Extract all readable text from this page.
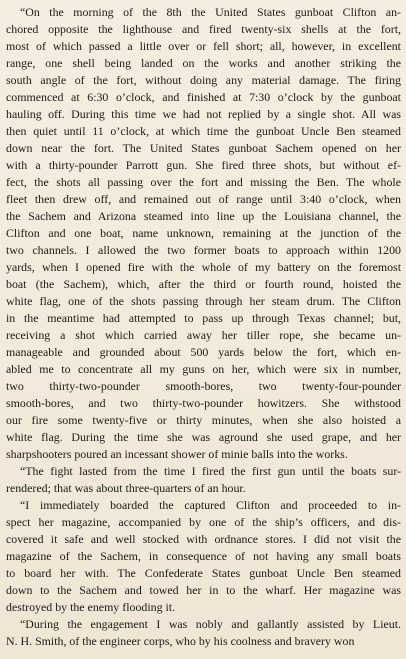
“On the morning of the 8th the United States gunboat Clifton an-
chored opposite the lighthouse and fired twenty-six shells at the fort,
most of which passed a little over or fell short; all, however, in excellent
range, one shell being landed on the works and another striking the
south angle of the fort, without doing any material damage. The firing
commenced at 6:30 o’clock, and finished at 7:30 o’clock by the gunboat
hauling off. During this time we had not replied by a single shot. All was
then quiet until 11 o’clock, at which time the gunboat Uncle Ben steamed
down near the fort. The United States gunboat Sachem opened on her
with a thirty-pounder Parrott gun. She fired three shots, but without ef-
fect, the shots all passing over the fort and missing the Ben. The whole
fleet then drew off, and remained out of range until 3:40 o’clock, when
the Sachem and Arizona steamed into line up the Louisiana channel, the
Clifton and one boat, name unknown, remaining at the junction of the
two channels. I allowed the two former boats to approach within 1200
yards, when I opened fire with the whole of my battery on the foremost
boat (the Sachem), which, after the third or fourth round, hoisted the
white flag, one of the shots passing through her steam drum. The Clifton
in the meantime had attempted to pass up through Texas channel; but,
receiving a shot which carried away her tiller rope, she became un-
manageable and grounded about 500 yards below the fort, which en-
abled me to concentrate all my guns on her, which were six in number,
two thirty-two-pounder smooth-bores, two twenty-four-pounder
smooth-bores, and two thirty-two-pounder howitzers. She withstood
our fire some twenty-five or thirty minutes, when she also hoisted a
white flag. During the time she was aground she used grape, and her
sharpshooters poured an incessant shower of minie balls into the works.

“The fight lasted from the time I fired the first gun until the boats sur-
rendered; that was about three-quarters of an hour.

“I immediately boarded the captured Clifton and proceeded to in-
spect her magazine, accompanied by one of the ship’s officers, and dis-
covered it safe and well stocked with ordnance stores. I did not visit the
magazine of the Sachem, in consequence of not having any small boats
to board her with. The Confederate States gunboat Uncle Ben steamed
down to the Sachem and towed her in to the wharf. Her magazine was
destroyed by the enemy flooding it.

“During the engagement I was nobly and gallantly assisted by Lieut.
N. H. Smith, of the engineer corps, who by his coolness and bravery won
